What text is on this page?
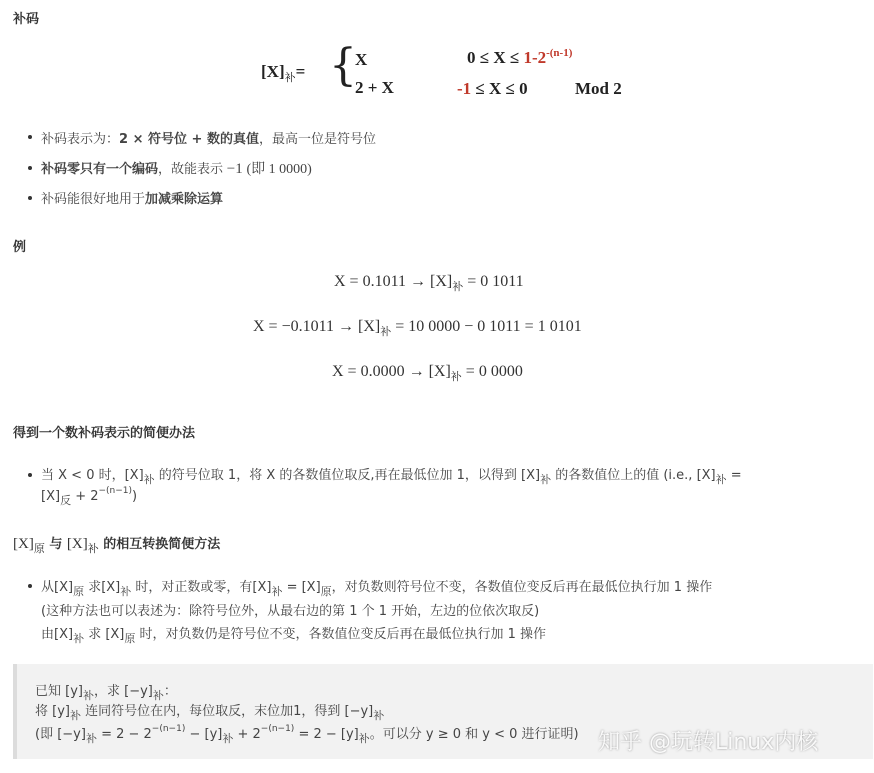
补码
$[X]_补=$ {
X	$0 \le X \le 1-2^{-(n-1)}$
2 + X	-1 ≤ X ≤ 0	Mod 2
补码表示为：2 × 符号位 + 数的真值，最高一位是符号位
补码零只有一个编码，故能表示 −1 (即 1 0000)
补码能很好地用于加减乘除运算
例
$X = 0.1011 \to [X]_补 = 0$ 1011
$X = -0.1011 \to [X]_补 = 10$ 0000 − 0 1011 = 1 0101
$X = 0.0000 \to [X]_补 = 0$ 0000
得到一个数补码表示的简便办法
当 X < 0 时，$[X]_补$ 的符号位取 1，将 X 的各数值位取反,再在最低位加 1，以得到 $[X]_补$ 的各数值位上的值 (i.e., $[X]_补$ =
$[X]_反 + 2^{-(n-1)}$)
$[X]_原$ 与 $[X]_补$ 的相互转换简便方法
从$[X]_原$ 求$[X]_补$ 时，对正数或零，有$[X]_补 = [X]_原$，对负数则符号位不变，各数值位变反后再在最低位执行加 1 操作
(这种方法也可以表述为：除符号位外，从最右边的第 1 个 1 开始，左边的位依次取反)
由$[X]_补$ 求 $[X]_原$ 时，对负数仍是符号位不变，各数值位变反后再在最低位执行加 1 操作
已知 $[y]_补$，求 $[-y]_补$：
将 $[y]_补$ 连同符号位在内，每位取反，末位加1，得到 $[-y]_补$
(即 $[-y]_补 = 2 - 2^{-(n-1)} - [y]_补 + 2^{-(n-1)} = 2 - [y]_补$。可以分 y ≥ 0 和 y < 0 进行证明) 知乎 @玩转Linux内核
